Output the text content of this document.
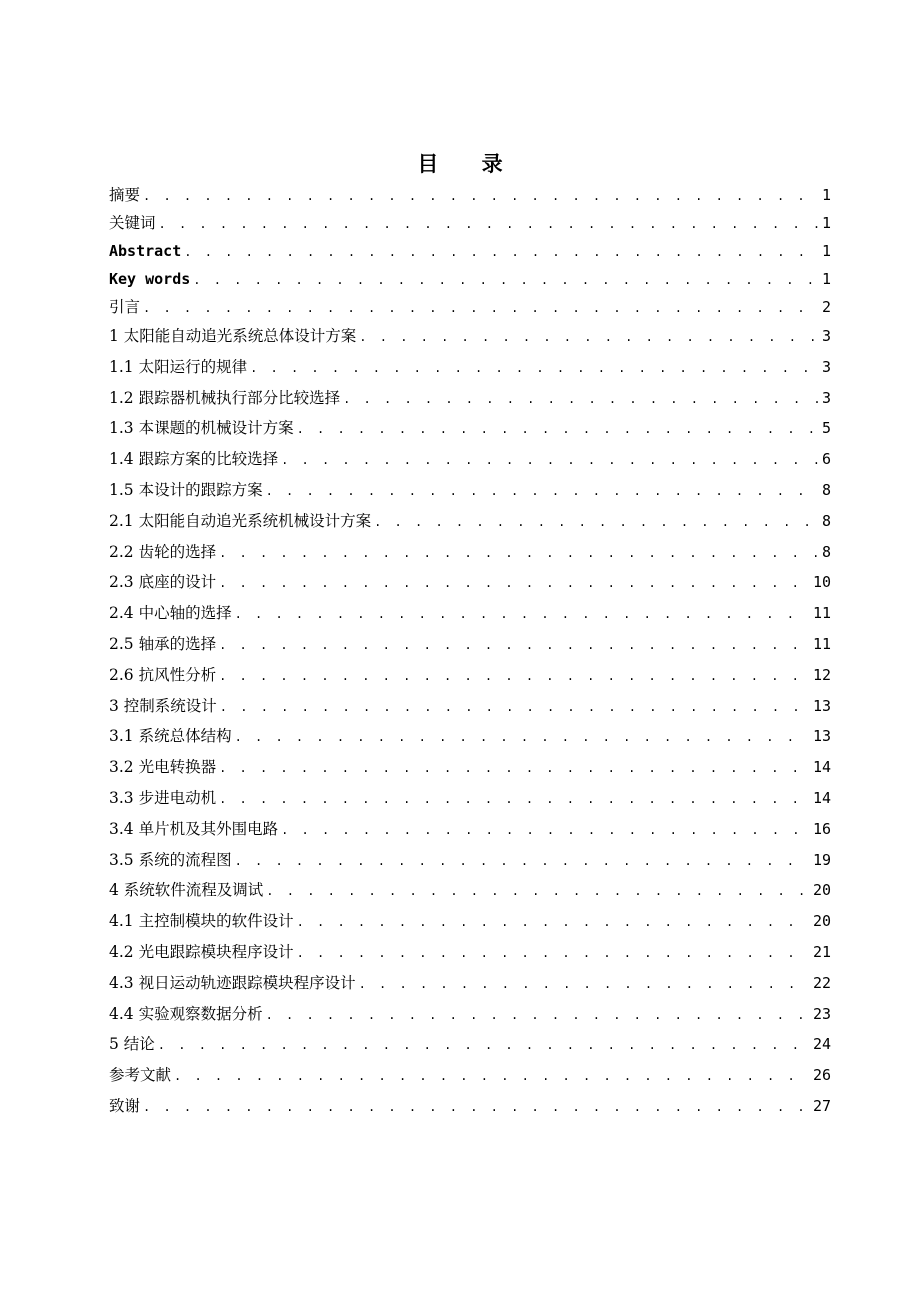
目 录
摘要 . . .	1
关键词 . . .	1
Abstract . . .	1
Key words . . .	1
引言 . . .	2
1 太阳能自动追光系统总体设计方案 . . .	3
1.1 太阳运行的规律 . . .	3
1.2 跟踪器机械执行部分比较选择 . . .	3
1.3 本课题的机械设计方案 . . .	5
1.4 跟踪方案的比较选择 . . .	6
1.5 本设计的跟踪方案 . . .	8
2.1 太阳能自动追光系统机械设计方案 . . .	8
2.2 齿轮的选择 . . .	8
2.3 底座的设计 . . .	10
2.4 中心轴的选择 . . .	11
2.5 轴承的选择 . . .	11
2.6 抗风性分析 . . .	12
3 控制系统设计 . . .	13
3.1 系统总体结构 . . .	13
3.2 光电转换器 . . .	14
3.3 步进电动机 . . .	14
3.4 单片机及其外围电路 . . .	16
3.5 系统的流程图 . . .	19
4 系统软件流程及调试 . . .	20
4.1 主控制模块的软件设计 . . .	20
4.2 光电跟踪模块程序设计 . . .	21
4.3 视日运动轨迹跟踪模块程序设计 . . .	22
4.4 实验观察数据分析 . . .	23
5 结论 . . .	24
参考文献 . . .	26
致谢 . . .	27
